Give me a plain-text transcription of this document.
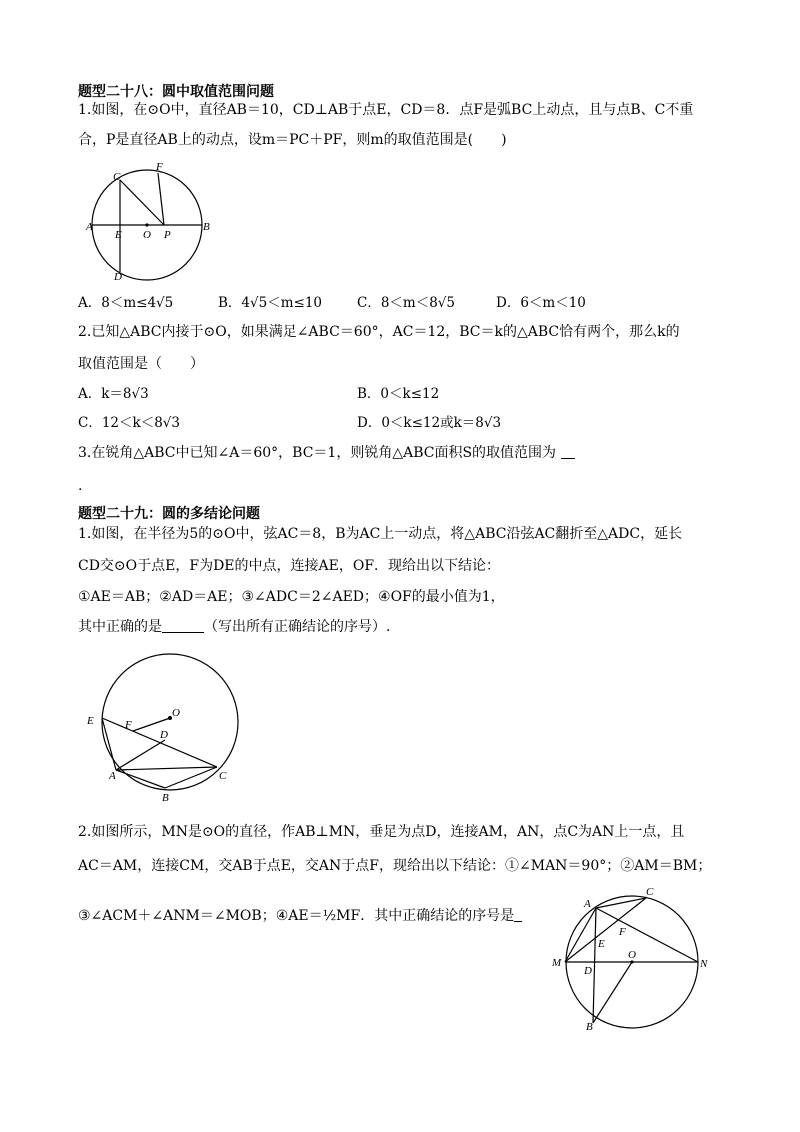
题型二十八：圆中取值范围问题
1.如图，在⊙O中，直径AB＝10，CD⊥AB于点E，CD＝8．点F是弧BC上动点，且与点B、C不重
合，P是直径AB上的动点，设m＝PC＋PF，则m的取值范围是(　　)
A	B
C
D
E
F
O P
A．8＜m≤4√5	B．4√5＜m≤10	C．8＜m＜8√5	D．6＜m＜10
2.已知△ABC内接于⊙O，如果满足∠ABC＝60°，AC＝12，BC＝k的△ABC恰有两个，那么k的
取值范围是（　　）
A．k＝8√3	B．0＜k≤12
C．12＜k＜8√3	D．0＜k≤12或k＝8√3
3.在锐角△ABC中已知∠A＝60°，BC＝1，则锐角△ABC面积S的取值范围为
.
题型二十九：圆的多结论问题
1.如图，在半径为5的⊙O中，弦AC＝8，B为AC上一动点，将△ABC沿弦AC翻折至△ADC，延长
CD交⊙O于点E，F为DE的中点，连接AE，OF．现给出以下结论：
①AE＝AB；②AD＝AE；③∠ADC＝2∠AED；④OF的最小值为1，
其中正确的是	（写出所有正确结论的序号）.
E	F
O
D
A	C
B
2.如图所示，MN是⊙O的直径，作AB⊥MN，垂足为点D，连接AM，AN，点C为AN上一点，且
AC＝AM，连接CM，交AB于点E，交AN于点F，现给出以下结论：①∠MAN＝90°；②AM＝BM；
③∠ACM＋∠ANM＝∠MOB；④AE＝½MF．其中正确结论的序号是
A
C
F
E
M	N
D
O
B
